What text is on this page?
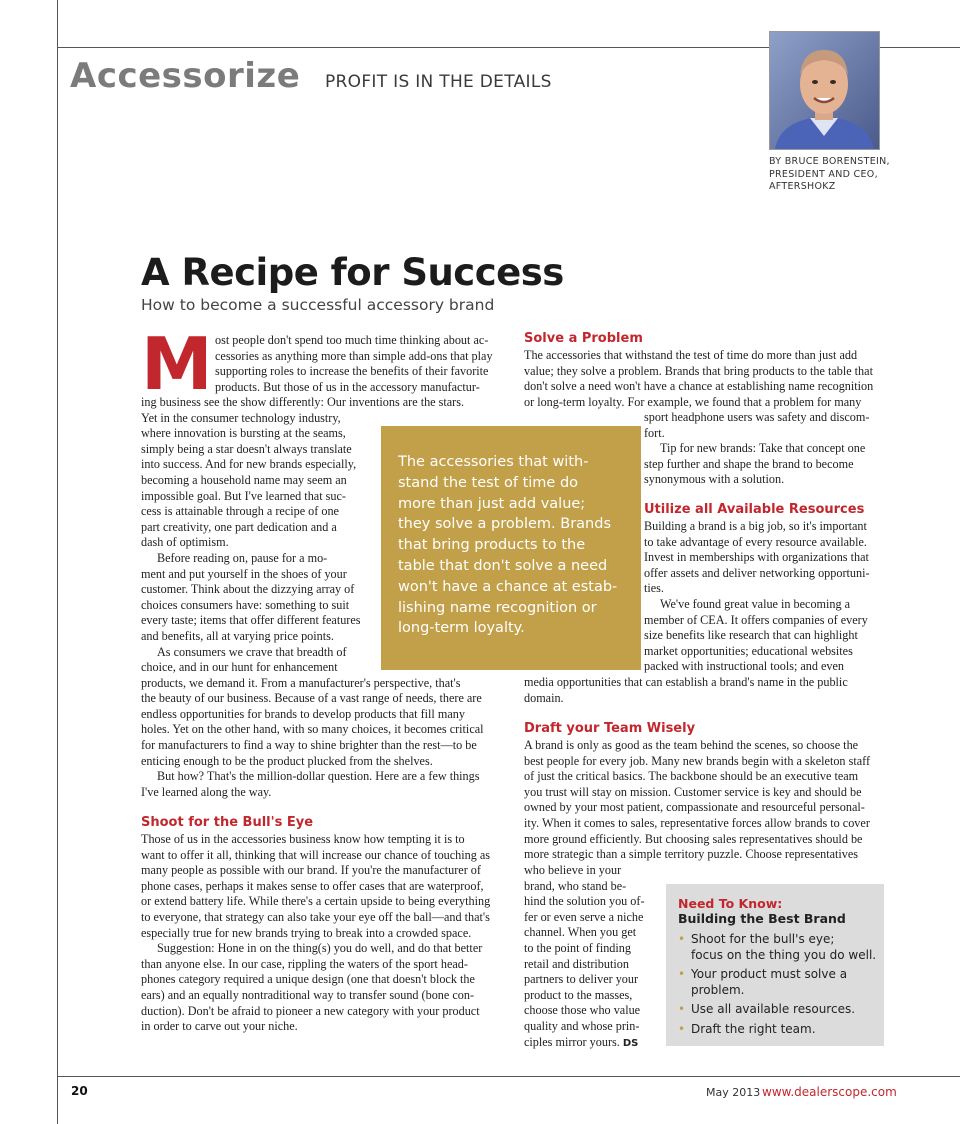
Accessorize PROFIT IS IN THE DETAILS
BY BRUCE BORENSTEIN,
PRESIDENT AND CEO,
AFTERSHOKZ
A Recipe for Success
How to become a successful accessory brand
M ost people don't spend too much time thinking about ac-

cessories as anything more than simple add-ons that play

supporting roles to increase the benefits of their favorite

products. But those of us in the accessory manufactur-

ing business see the show differently: Our inventions are the stars.

Yet in the consumer technology industry,

where innovation is bursting at the seams,

simply being a star doesn't always translate

into success. And for new brands especially,

becoming a household name may seem an

impossible goal. But I've learned that suc-

cess is attainable through a recipe of one

part creativity, one part dedication and a

dash of optimism.

Before reading on, pause for a mo-

ment and put yourself in the shoes of your

customer. Think about the dizzying array of

choices consumers have: something to suit

every taste; items that offer different features

and benefits, all at varying price points.

As consumers we crave that breadth of

choice, and in our hunt for enhancement

products, we demand it. From a manufacturer's perspective, that's

the beauty of our business. Because of a vast range of needs, there are

endless opportunities for brands to develop products that fill many

holes. Yet on the other hand, with so many choices, it becomes critical

for manufacturers to find a way to shine brighter than the rest—to be

enticing enough to be the product plucked from the shelves.

But how? That's the million-dollar question. Here are a few things

I've learned along the way.

Shoot for the Bull's Eye

Those of us in the accessories business know how tempting it is to

want to offer it all, thinking that will increase our chance of touching as

many people as possible with our brand. If you're the manufacturer of

phone cases, perhaps it makes sense to offer cases that are waterproof,

or extend battery life. While there's a certain upside to being everything

to everyone, that strategy can also take your eye off the ball—and that's

especially true for new brands trying to break into a crowded space.

Suggestion: Hone in on the thing(s) you do well, and do that better

than anyone else. In our case, rippling the waters of the sport head-

phones category required a unique design (one that doesn't block the

ears) and an equally nontraditional way to transfer sound (bone con-

duction). Don't be afraid to pioneer a new category with your product

in order to carve out your niche.

The accessories that with-
stand the test of time do
more than just add value;
they solve a problem. Brands
that bring products to the
table that don't solve a need
won't have a chance at estab-
lishing name recognition or
long-term loyalty.
Solve a Problem

The accessories that withstand the test of time do more than just add

value; they solve a problem. Brands that bring products to the table that

don't solve a need won't have a chance at establishing name recognition

or long-term loyalty. For example, we found that a problem for many

sport headphone users was safety and discom-

fort.

Tip for new brands: Take that concept one

step further and shape the brand to become

synonymous with a solution.

Utilize all Available Resources

Building a brand is a big job, so it's important

to take advantage of every resource available.

Invest in memberships with organizations that

offer assets and deliver networking opportuni-

ties.

We've found great value in becoming a

member of CEA. It offers companies of every

size benefits like research that can highlight

market opportunities; educational websites

packed with instructional tools; and even

media opportunities that can establish a brand's name in the public

domain.

Draft your Team Wisely

A brand is only as good as the team behind the scenes, so choose the

best people for every job. Many new brands begin with a skeleton staff

of just the critical basics. The backbone should be an executive team

you trust will stay on mission. Customer service is key and should be

owned by your most patient, compassionate and resourceful personal-

ity. When it comes to sales, representative forces allow brands to cover

more ground efficiently. But choosing sales representatives should be

more strategic than a simple territory puzzle. Choose representatives

who believe in your

brand, who stand be-

hind the solution you of-

fer or even serve a niche

channel. When you get

to the point of finding

retail and distribution

partners to deliver your

product to the masses,

choose those who value

quality and whose prin-

ciples mirror yours. DS

Need To Know:
Building the Best Brand
• Shoot for the bull's eye;
focus on the thing you do well.
• Your product must solve a
problem.
• Use all available resources.
• Draft the right team.
20	May 2013 www.dealerscope.com
